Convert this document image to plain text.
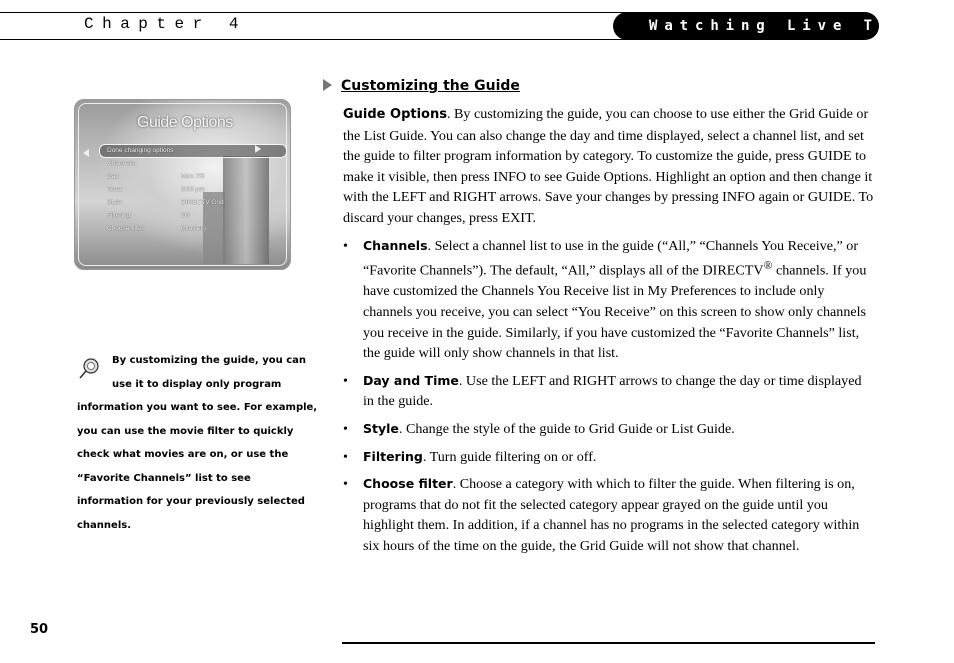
Chapter 4	Watching Live TV
Guide Options
Done changing options
Channels:
Day:	Mon 7/5
Time:	8:00 pm
Style:	DIRECTV Grid
Filtering:	Off
Choose filter:	(Movies)
By customizing the guide, you can
use it to display only program
information you want to see. For example,
you can use the movie filter to quickly
check what movies are on, or use the
“Favorite Channels” list to see
information for your previously selected
channels.
Customizing the Guide

Guide Options. By customizing the guide, you can choose to use either the Grid Guide or the List Guide. You can also change the day and time displayed, select a channel list, and set the guide to filter program information by category. To customize the guide, press GUIDE to make it visible, then press INFO to see Guide Options. Highlight an option and then change it with the LEFT and RIGHT arrows. Save your changes by pressing INFO again or GUIDE. To discard your changes, press EXIT.

• Channels. Select a channel list to use in the guide (“All,” “Channels You Receive,” or “Favorite Channels”). The default, “All,” displays all of the DIRECTV® channels. If you have customized the Channels You Receive list in My Preferences to include only channels you receive, you can select “You Receive” on this screen to show only channels you receive in the guide. Similarly, if you have customized the “Favorite Channels” list, the guide will only show channels in that list.
• Day and Time. Use the LEFT and RIGHT arrows to change the day or time displayed in the guide.
• Style. Change the style of the guide to Grid Guide or List Guide.
• Filtering. Turn guide filtering on or off.
• Choose filter. Choose a category with which to filter the guide. When filtering is on, programs that do not fit the selected category appear grayed on the guide until you highlight them. In addition, if a channel has no programs in the selected category within six hours of the time on the guide, the Grid Guide will not show that channel.
50
